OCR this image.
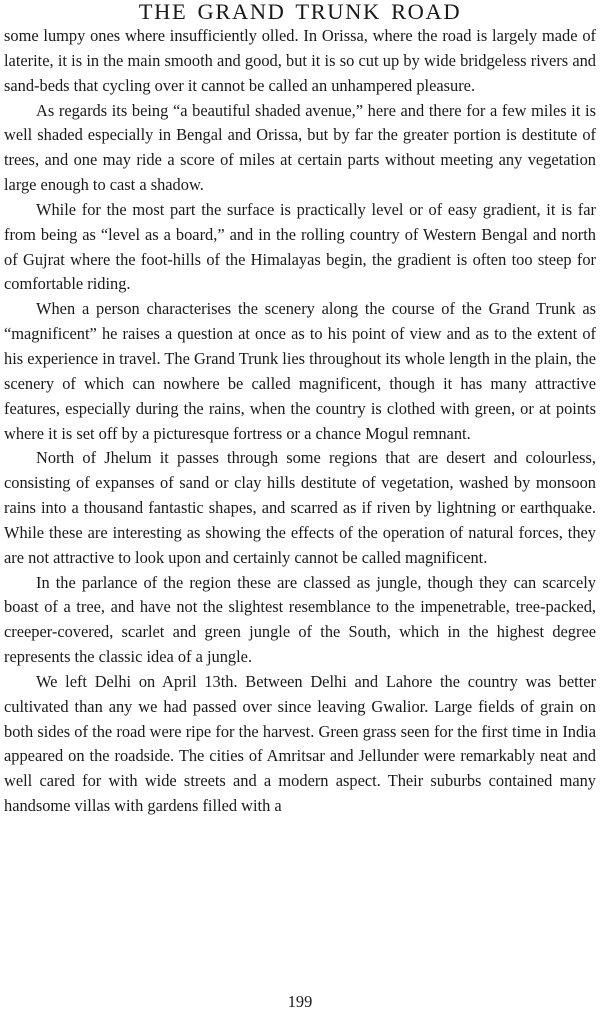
THE GRAND TRUNK ROAD

some lumpy ones where insufficiently olled. In Orissa, where the road is largely made of laterite, it is in the main smooth and good, but it is so cut up by wide bridgeless rivers and sand-beds that cycling over it cannot be called an unhampered pleasure.

As regards its being “a beautiful shaded avenue,” here and there for a few miles it is well shaded especially in Bengal and Orissa, but by far the greater portion is destitute of trees, and one may ride a score of miles at certain parts without meeting any vegetation large enough to cast a shadow.

While for the most part the surface is practically level or of easy gradient, it is far from being as “level as a board,” and in the rolling country of Western Bengal and north of Gujrat where the foot-hills of the Himalayas begin, the gradient is often too steep for comfortable riding.

When a person characterises the scenery along the course of the Grand Trunk as “magnificent” he raises a question at once as to his point of view and as to the extent of his experience in travel. The Grand Trunk lies throughout its whole length in the plain, the scenery of which can nowhere be called magnificent, though it has many attractive features, especially during the rains, when the country is clothed with green, or at points where it is set off by a picturesque fortress or a chance Mogul remnant.

North of Jhelum it passes through some regions that are desert and colourless, consisting of expanses of sand or clay hills destitute of vegetation, washed by monsoon rains into a thousand fantastic shapes, and scarred as if riven by lightning or earthquake. While these are interesting as showing the effects of the operation of natural forces, they are not attractive to look upon and certainly cannot be called magnificent.

In the parlance of the region these are classed as jungle, though they can scarcely boast of a tree, and have not the slightest resemblance to the impenetrable, tree-packed, creeper-covered, scarlet and green jungle of the South, which in the highest degree represents the classic idea of a jungle.

We left Delhi on April 13th. Between Delhi and Lahore the country was better cultivated than any we had passed over since leaving Gwalior. Large fields of grain on both sides of the road were ripe for the harvest. Green grass seen for the first time in India appeared on the roadside. The cities of Amritsar and Jellunder were remarkably neat and well cared for with wide streets and a modern aspect. Their suburbs contained many handsome villas with gardens filled with a

199
